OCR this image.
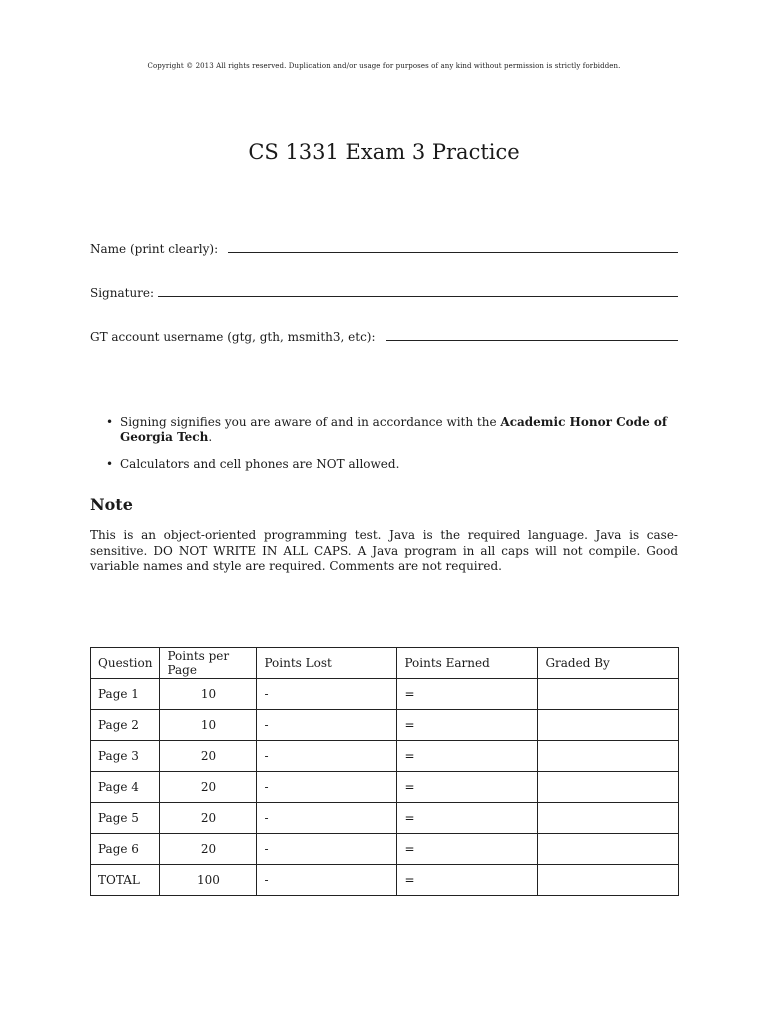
Copyright © 2013 All rights reserved. Duplication and/or usage for purposes of any kind without permission is strictly forbidden.
CS 1331 Exam 3 Practice
Name (print clearly):
Signature:
GT account username (gtg, gth, msmith3, etc):
• Signing signifies you are aware of and in accordance with the Academic Honor Code of Georgia Tech.
• Calculators and cell phones are NOT allowed.
Note

This is an object-oriented programming test. Java is the required language. Java is case-sensitive. DO NOT WRITE IN ALL CAPS. A Java program in all caps will not compile. Good variable names and style are required. Comments are not required.

Question	Points per Page	Points Lost	Points Earned	Graded By
Page 1	10	-	=	
Page 2	10	-	=	
Page 3	20	-	=	
Page 4	20	-	=	
Page 5	20	-	=	
Page 6	20	-	=	
TOTAL	100	-	=	
